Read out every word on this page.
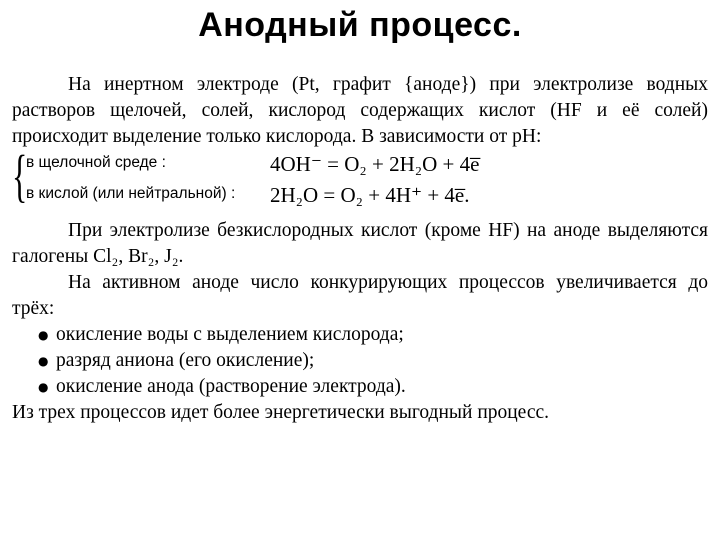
Анодный процесс.
На инертном электроде (Pt, графит {аноде}) при электролизе водных растворов щелочей, солей, кислород содержащих кислот (HF и её солей) происходит выделение только кислорода. В зависимости от pH:
{
в щелочной среде :
в кислой (или нейтральной) :
4OH⁻ = O₂ + 2H₂O + 4e̅
2H₂O = O₂ + 4H⁺ + 4e̅.
При электролизе безкислородных кислот (кроме HF) на аноде выделяются галогены Cl₂, Br₂, J₂.
На активном аноде число конкурирующих процессов увеличивается до трёх:
● окисление воды с выделением кислорода;
● разряд аниона (его окисление);
● окисление анода (растворение электрода).
Из трех процессов идет более энергетически выгодный процесс.
